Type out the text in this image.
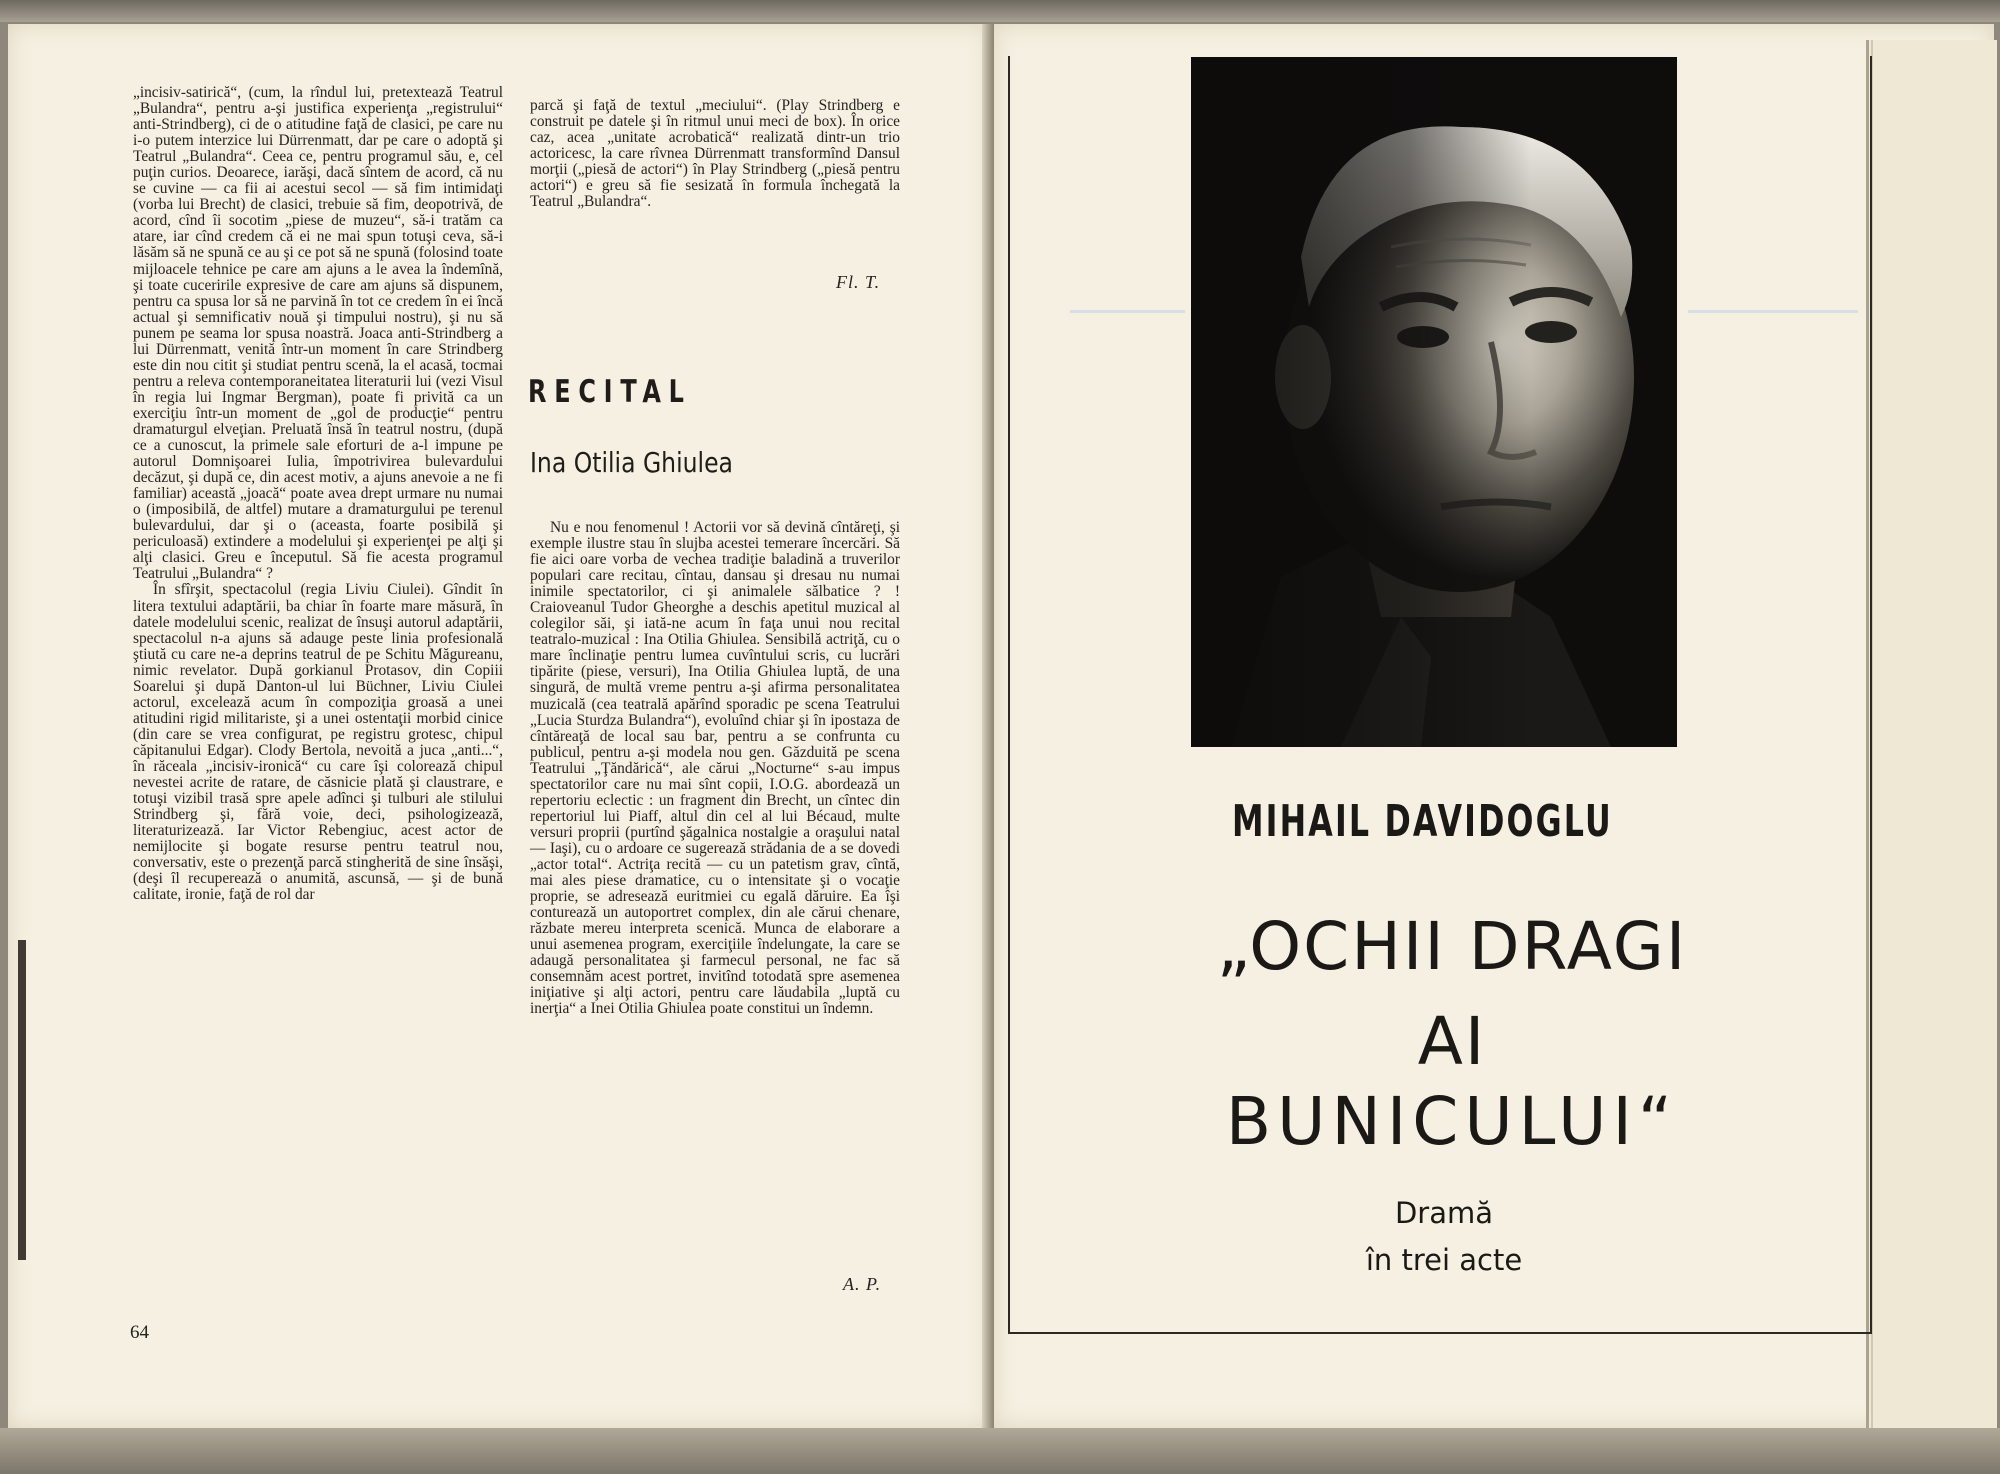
„incisiv-satirică“, (cum, la rîndul lui, pretextează Teatrul „Bulandra“, pentru a-şi justifica experienţa „registrului“ anti-Strindberg), ci de o atitudine faţă de clasici, pe care nu i-o putem interzice lui Dürrenmatt, dar pe care o adoptă şi Teatrul „Bulandra“. Ceea ce, pentru programul său, e, cel puţin curios. Deoarece, iarăşi, dacă sîntem de acord, că nu se cuvine — ca fii ai acestui secol — să fim intimidaţi (vorba lui Brecht) de clasici, trebuie să fim, deopotrivă, de acord, cînd îi socotim „piese de muzeu“, să-i tratăm ca atare, iar cînd credem că ei ne mai spun totuşi ceva, să-i lăsăm să ne spună ce au şi ce pot să ne spună (folosind toate mijloacele tehnice pe care am ajuns a le avea la îndemînă, şi toate cuceririle expresive de care am ajuns să dispunem, pentru ca spusa lor să ne parvină în tot ce credem în ei încă actual şi semnificativ nouă şi timpului nostru), şi nu să punem pe seama lor spusa noastră. Joaca anti-Strindberg a lui Dürrenmatt, venită într-un moment în care Strindberg este din nou citit şi studiat pentru scenă, la el acasă, tocmai pentru a releva contemporaneitatea literaturii lui (vezi Visul în regia lui Ingmar Bergman), poate fi privită ca un exerciţiu într-un moment de „gol de producţie“ pentru dramaturgul elveţian. Preluată însă în teatrul nostru, (după ce a cunoscut, la primele sale eforturi de a-l impune pe autorul Domnişoarei Iulia, împotrivirea bulevardului decăzut, şi după ce, din acest motiv, a ajuns anevoie a ne fi familiar) această „joacă“ poate avea drept urmare nu numai o (imposibilă, de altfel) mutare a dramaturgului pe terenul bulevardului, dar şi o (aceasta, foarte posibilă şi periculoasă) extindere a modelului şi experienţei pe alţi şi alţi clasici. Greu e începutul. Să fie acesta programul Teatrului „Bulandra“ ?

În sfîrşit, spectacolul (regia Liviu Ciulei). Gîndit în litera textului adaptării, ba chiar în foarte mare măsură, în datele modelului scenic, realizat de însuşi autorul adaptării, spectacolul n-a ajuns să adauge peste linia profesională ştiută cu care ne-a deprins teatrul de pe Schitu Măgureanu, nimic revelator. După gorkianul Protasov, din Copiii Soarelui şi după Danton-ul lui Büchner, Liviu Ciulei actorul, excelează acum în compoziţia groasă a unei atitudini rigid militariste, şi a unei ostentaţii morbid cinice (din care se vrea configurat, pe registru grotesc, chipul căpitanului Edgar). Clody Bertola, nevoită a juca „anti...“, în răceala „incisiv-ironică“ cu care îşi colorează chipul nevestei acrite de ratare, de căsnicie plată şi claustrare, e totuşi vizibil trasă spre apele adînci şi tulburi ale stilului Strindberg şi, fără voie, deci, psihologizează, literaturizează. Iar Victor Rebengiuc, acest actor de nemijlocite şi bogate resurse pentru teatrul nou, conversativ, este o prezenţă parcă stingherită de sine însăşi, (deşi îl recuperează o anumită, ascunsă, — şi de bună calitate, ironie, faţă de rol dar

parcă şi faţă de textul „meciului“. (Play Strindberg e construit pe datele şi în ritmul unui meci de box). În orice caz, acea „unitate acrobatică“ realizată dintr-un trio actoricesc, la care rîvnea Dürrenmatt transformînd Dansul morţii („piesă de actori“) în Play Strindberg („piesă pentru actori“) e greu să fie sesizată în formula închegată la Teatrul „Bulandra“.

Fl. T.
RECITAL
Ina Otilia Ghiulea

Nu e nou fenomenul ! Actorii vor să devină cîntăreţi, şi exemple ilustre stau în slujba acestei temerare încercări. Să fie aici oare vorba de vechea tradiţie baladină a truverilor populari care recitau, cîntau, dansau şi dresau nu numai inimile spectatorilor, ci şi animalele sălbatice ? ! Craioveanul Tudor Gheorghe a deschis apetitul muzical al colegilor săi, şi iată-ne acum în faţa unui nou recital teatralo-muzical : Ina Otilia Ghiulea. Sensibilă actriţă, cu o mare înclinaţie pentru lumea cuvîntului scris, cu lucrări tipărite (piese, versuri), Ina Otilia Ghiulea luptă, de una singură, de multă vreme pentru a-şi afirma personalitatea muzicală (cea teatrală apărînd sporadic pe scena Teatrului „Lucia Sturdza Bulandra“), evoluînd chiar şi în ipostaza de cîntăreaţă de local sau bar, pentru a se confrunta cu publicul, pentru a-şi modela nou gen. Găzduită pe scena Teatrului „Ţăndărică“, ale cărui „Nocturne“ s-au impus spectatorilor care nu mai sînt copii, I.O.G. abordează un repertoriu eclectic : un fragment din Brecht, un cîntec din repertoriul lui Piaff, altul din cel al lui Bécaud, multe versuri proprii (purtînd şăgalnica nostalgie a oraşului natal — Iaşi), cu o ardoare ce sugerează strădania de a se dovedi „actor total“. Actriţa recită — cu un patetism grav, cîntă, mai ales piese dramatice, cu o intensitate şi o vocaţie proprie, se adresează euritmiei cu egală dăruire. Ea îşi conturează un autoportret complex, din ale cărui chenare, răzbate mereu interpreta scenică. Munca de elaborare a unui asemenea program, exerciţiile îndelungate, la care se adaugă personalitatea şi farmecul personal, ne fac să consemnăm acest portret, invitînd totodată spre asemenea iniţiative şi alţi actori, pentru care lăudabila „luptă cu inerţia“ a Inei Otilia Ghiulea poate constitui un îndemn.

A. P.
64
MIHAIL DAVIDOGLU
„OCHII DRAGI
AI
BUNICULUI“
Dramă
în trei acte
